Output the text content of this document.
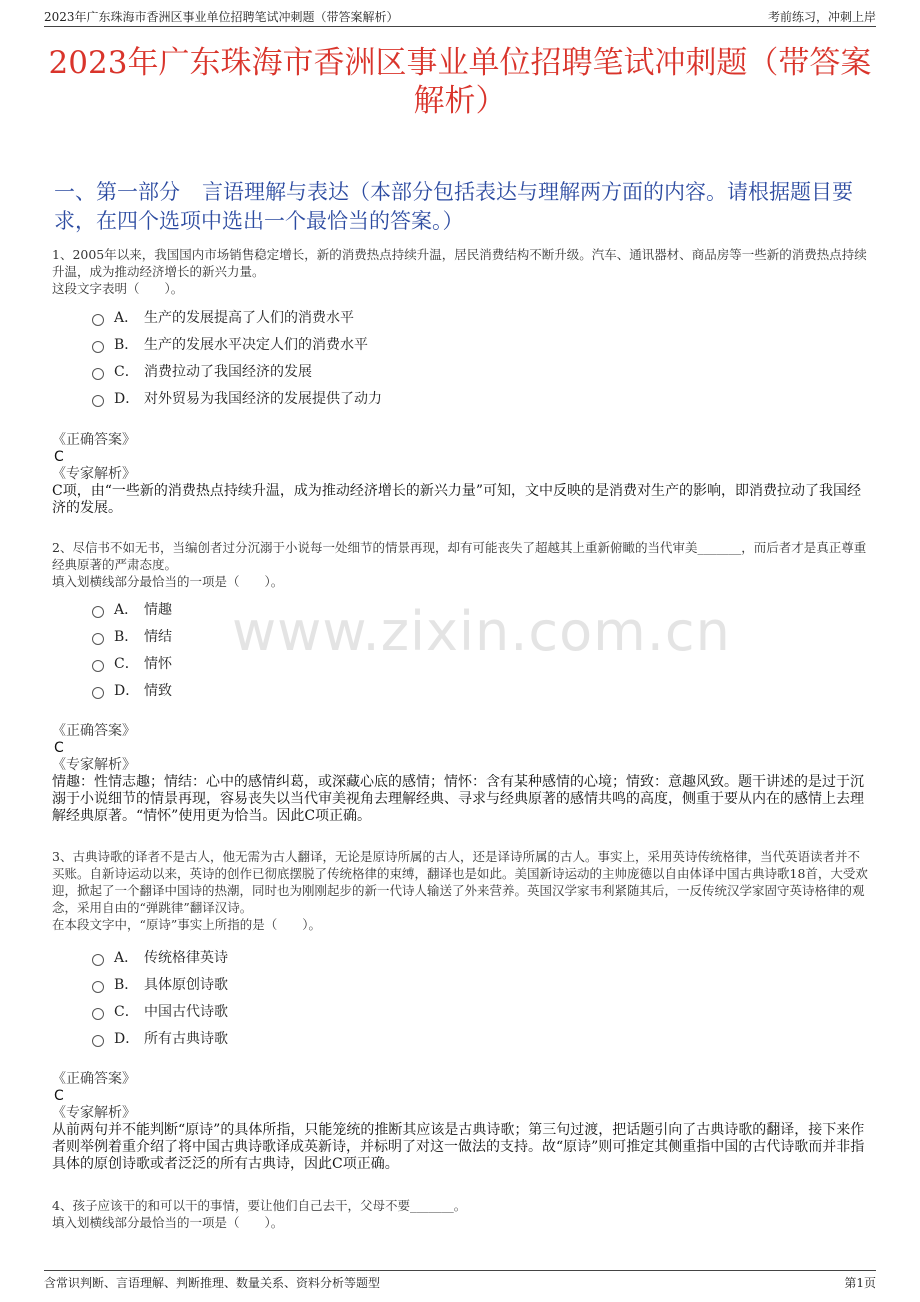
2023年广东珠海市香洲区事业单位招聘笔试冲刺题（带答案解析）	考前练习，冲刺上岸
2023年广东珠海市香洲区事业单位招聘笔试冲刺题（带答案解析）
一、第一部分 言语理解与表达（本部分包括表达与理解两方面的内容。请根据题目要求，在四个选项中选出一个最恰当的答案。）
www.zixin.com.cn
1、2005年以来，我国国内市场销售稳定增长，新的消费热点持续升温，居民消费结构不断升级。汽车、通讯器材、商品房等一些新的消费热点持续升温，成为推动经济增长的新兴力量。
这段文字表明（　　）。
A． 生产的发展提高了人们的消费水平
B． 生产的发展水平决定人们的消费水平
C． 消费拉动了我国经济的发展
D． 对外贸易为我国经济的发展提供了动力
《正确答案》
C
《专家解析》
C项，由“一些新的消费热点持续升温，成为推动经济增长的新兴力量”可知，文中反映的是消费对生产的影响，即消费拉动了我国经济的发展。
2、尽信书不如无书，当编创者过分沉溺于小说每一处细节的情景再现，却有可能丧失了超越其上重新俯瞰的当代审美_______，而后者才是真正尊重经典原著的严肃态度。
填入划横线部分最恰当的一项是（　　）。
A． 情趣
B． 情结
C． 情怀
D． 情致
《正确答案》
C
《专家解析》
情趣：性情志趣；情结：心中的感情纠葛，或深藏心底的感情；情怀：含有某种感情的心境；情致：意趣风致。题干讲述的是过于沉溺于小说细节的情景再现，容易丧失以当代审美视角去理解经典、寻求与经典原著的感情共鸣的高度，侧重于要从内在的感情上去理解经典原著。“情怀”使用更为恰当。因此C项正确。
3、古典诗歌的译者不是古人，他无需为古人翻译，无论是原诗所属的古人，还是译诗所属的古人。事实上，采用英诗传统格律，当代英语读者并不买账。自新诗运动以来，英诗的创作已彻底摆脱了传统格律的束缚，翻译也是如此。美国新诗运动的主帅庞德以自由体译中国古典诗歌18首，大受欢迎，掀起了一个翻译中国诗的热潮，同时也为刚刚起步的新一代诗人输送了外来营养。英国汉学家韦利紧随其后，一反传统汉学家固守英诗格律的观念，采用自由的“弹跳律”翻译汉诗。
在本段文字中，“原诗”事实上所指的是（　　）。
A． 传统格律英诗
B． 具体原创诗歌
C． 中国古代诗歌
D． 所有古典诗歌
《正确答案》
C
《专家解析》
从前两句并不能判断“原诗”的具体所指，只能笼统的推断其应该是古典诗歌；第三句过渡，把话题引向了古典诗歌的翻译，接下来作者则举例着重介绍了将中国古典诗歌译成英新诗，并标明了对这一做法的支持。故“原诗”则可推定其侧重指中国的古代诗歌而并非指具体的原创诗歌或者泛泛的所有古典诗，因此C项正确。
4、孩子应该干的和可以干的事情，要让他们自己去干，父母不要_______。
填入划横线部分最恰当的一项是（　　）。
含常识判断、言语理解、判断推理、数量关系、资料分析等题型	第1页
